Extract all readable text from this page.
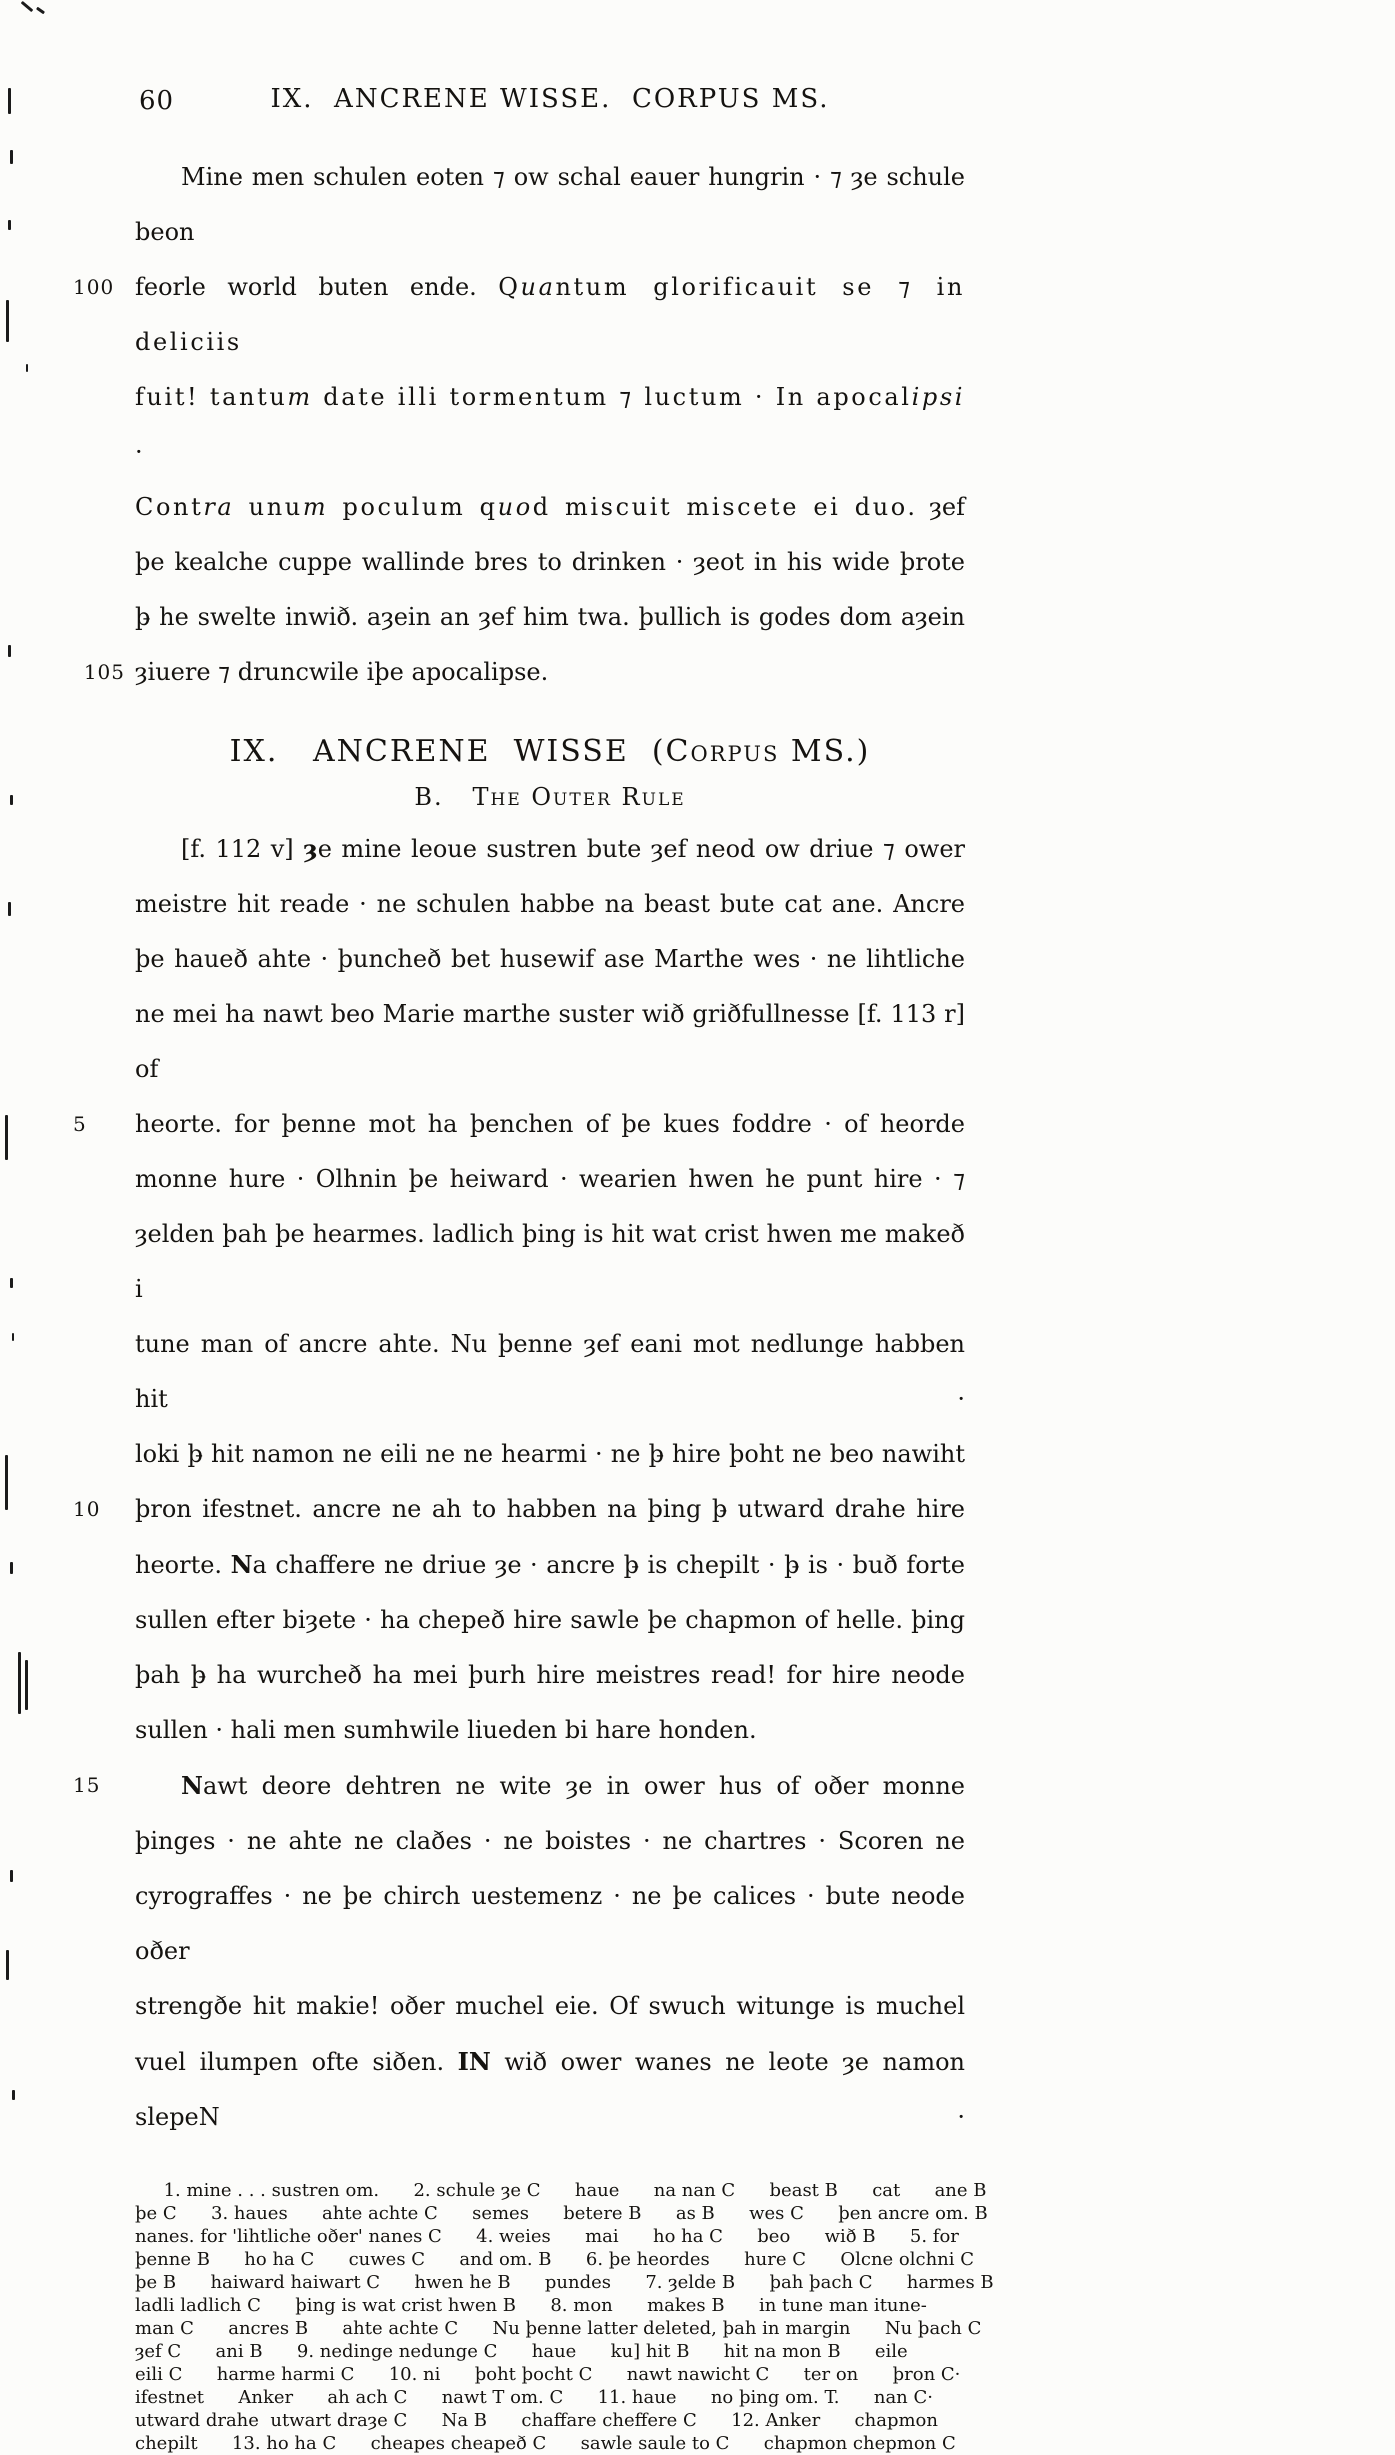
60	IX.  ANCRENE WISSE.  CORPUS MS.
Mine men schulen eoten ⁊ ow schal eauer hungrin · ⁊ ȝe schule beon
100 feorle world buten ende. Quantum glorificauit se ⁊ in deliciis
fuit! tantum date illi tormentum ⁊ luctum · In apocalipsi ·
Contra unum poculum quod miscuit miscete ei duo. ȝef
þe kealche cuppe wallinde bres to drinken · ȝeot in his wide þrote
þ̵ he swelte inwið. aȝein an ȝef him twa. þullich is godes dom aȝein
105 ȝiuere ⁊ druncwile iþe apocalipse.
IX.   ANCRENE  WISSE  (Corpus MS.)
B.   The Outer Rule
[f. 112 v] ȝe mine leoue sustren bute ȝef neod ow driue ⁊ ower
meistre hit reade · ne schulen habbe na beast bute cat ane. Ancre
þe haueð ahte · þuncheð bet husewif ase Marthe wes · ne lihtliche
ne mei ha nawt beo Marie marthe suster wið griðfullnesse [f. 113 r] of
5	heorte. for þenne mot ha þenchen of þe kues foddre · of heorde
monne hure · Olhnin þe heiward · wearien hwen he punt hire · ⁊
ȝelden þah þe hearmes. ladlich þing is hit wat crist hwen me makeð i
tune man of ancre ahte. Nu þenne ȝef eani mot nedlunge habben hit ·
loki þ̵ hit namon ne eili ne ne hearmi · ne þ̵ hire þoht ne beo nawiht
10	þron ifestnet. ancre ne ah to habben na þing þ̵ utward drahe hire
heorte. Na chaffere ne driue ȝe · ancre þ̵ is chepilt · þ̵ is · buð forte
sullen efter biȝete · ha chepeð hire sawle þe chapmon of helle. þing
þah þ̵ ha wurcheð ha mei þurh hire meistres read! for hire neode
sullen · hali men sumhwile liueden bi hare honden.
15	Nawt deore dehtren ne wite ȝe in ower hus of oðer monne
þinges · ne ahte ne claðes · ne boistes · ne chartres · Scoren ne
cyrograffes · ne þe chirch uestemenz · ne þe calices · bute neode oðer
strengðe hit makie! oðer muchel eie. Of swuch witunge is muchel
vuel ilumpen ofte siðen. IN wið ower wanes ne leote ȝe namon slepeN ·
1. mine . . . sustren om.      2. schule ȝe C      haue      na nan C      beast B      cat      ane B
þe C      3. haues      ahte achte C      semes      betere B      as B      wes C      þen ancre om. B
nanes. for 'lihtliche oðer' nanes C      4. weies      mai      ho ha C      beo      wið B      5. for
þenne B      ho ha C      cuwes C      and om. B      6. þe heordes      hure C      Olcne olchni C
þe B      haiward haiwart C      hwen he B      pundes      7. ȝelde B      þah þach C      harmes B
ladli ladlich C      þing is wat crist hwen B      8. mon      makes B      in tune man itune-
man C      ancres B      ahte achte C      Nu þenne latter deleted, þah in margin      Nu þach C
ȝef C      ani B      9. nedinge nedunge C      haue      ku] hit B      hit na mon B      eile
eili C      harme harmi C      10. ni      þoht þocht C      nawt nawicht C      ter on      þron C·
ifestnet      Anker      ah ach C      nawt T om. C      11. haue      no þing om. T.      nan C·
utward drahe  utwart draȝe C      Na B      chaffare cheffere C      12. Anker      chapmon
chepilt      13. ho ha C      cheapes cheapeð C      sawle saule to C      chapmon chepmon C
